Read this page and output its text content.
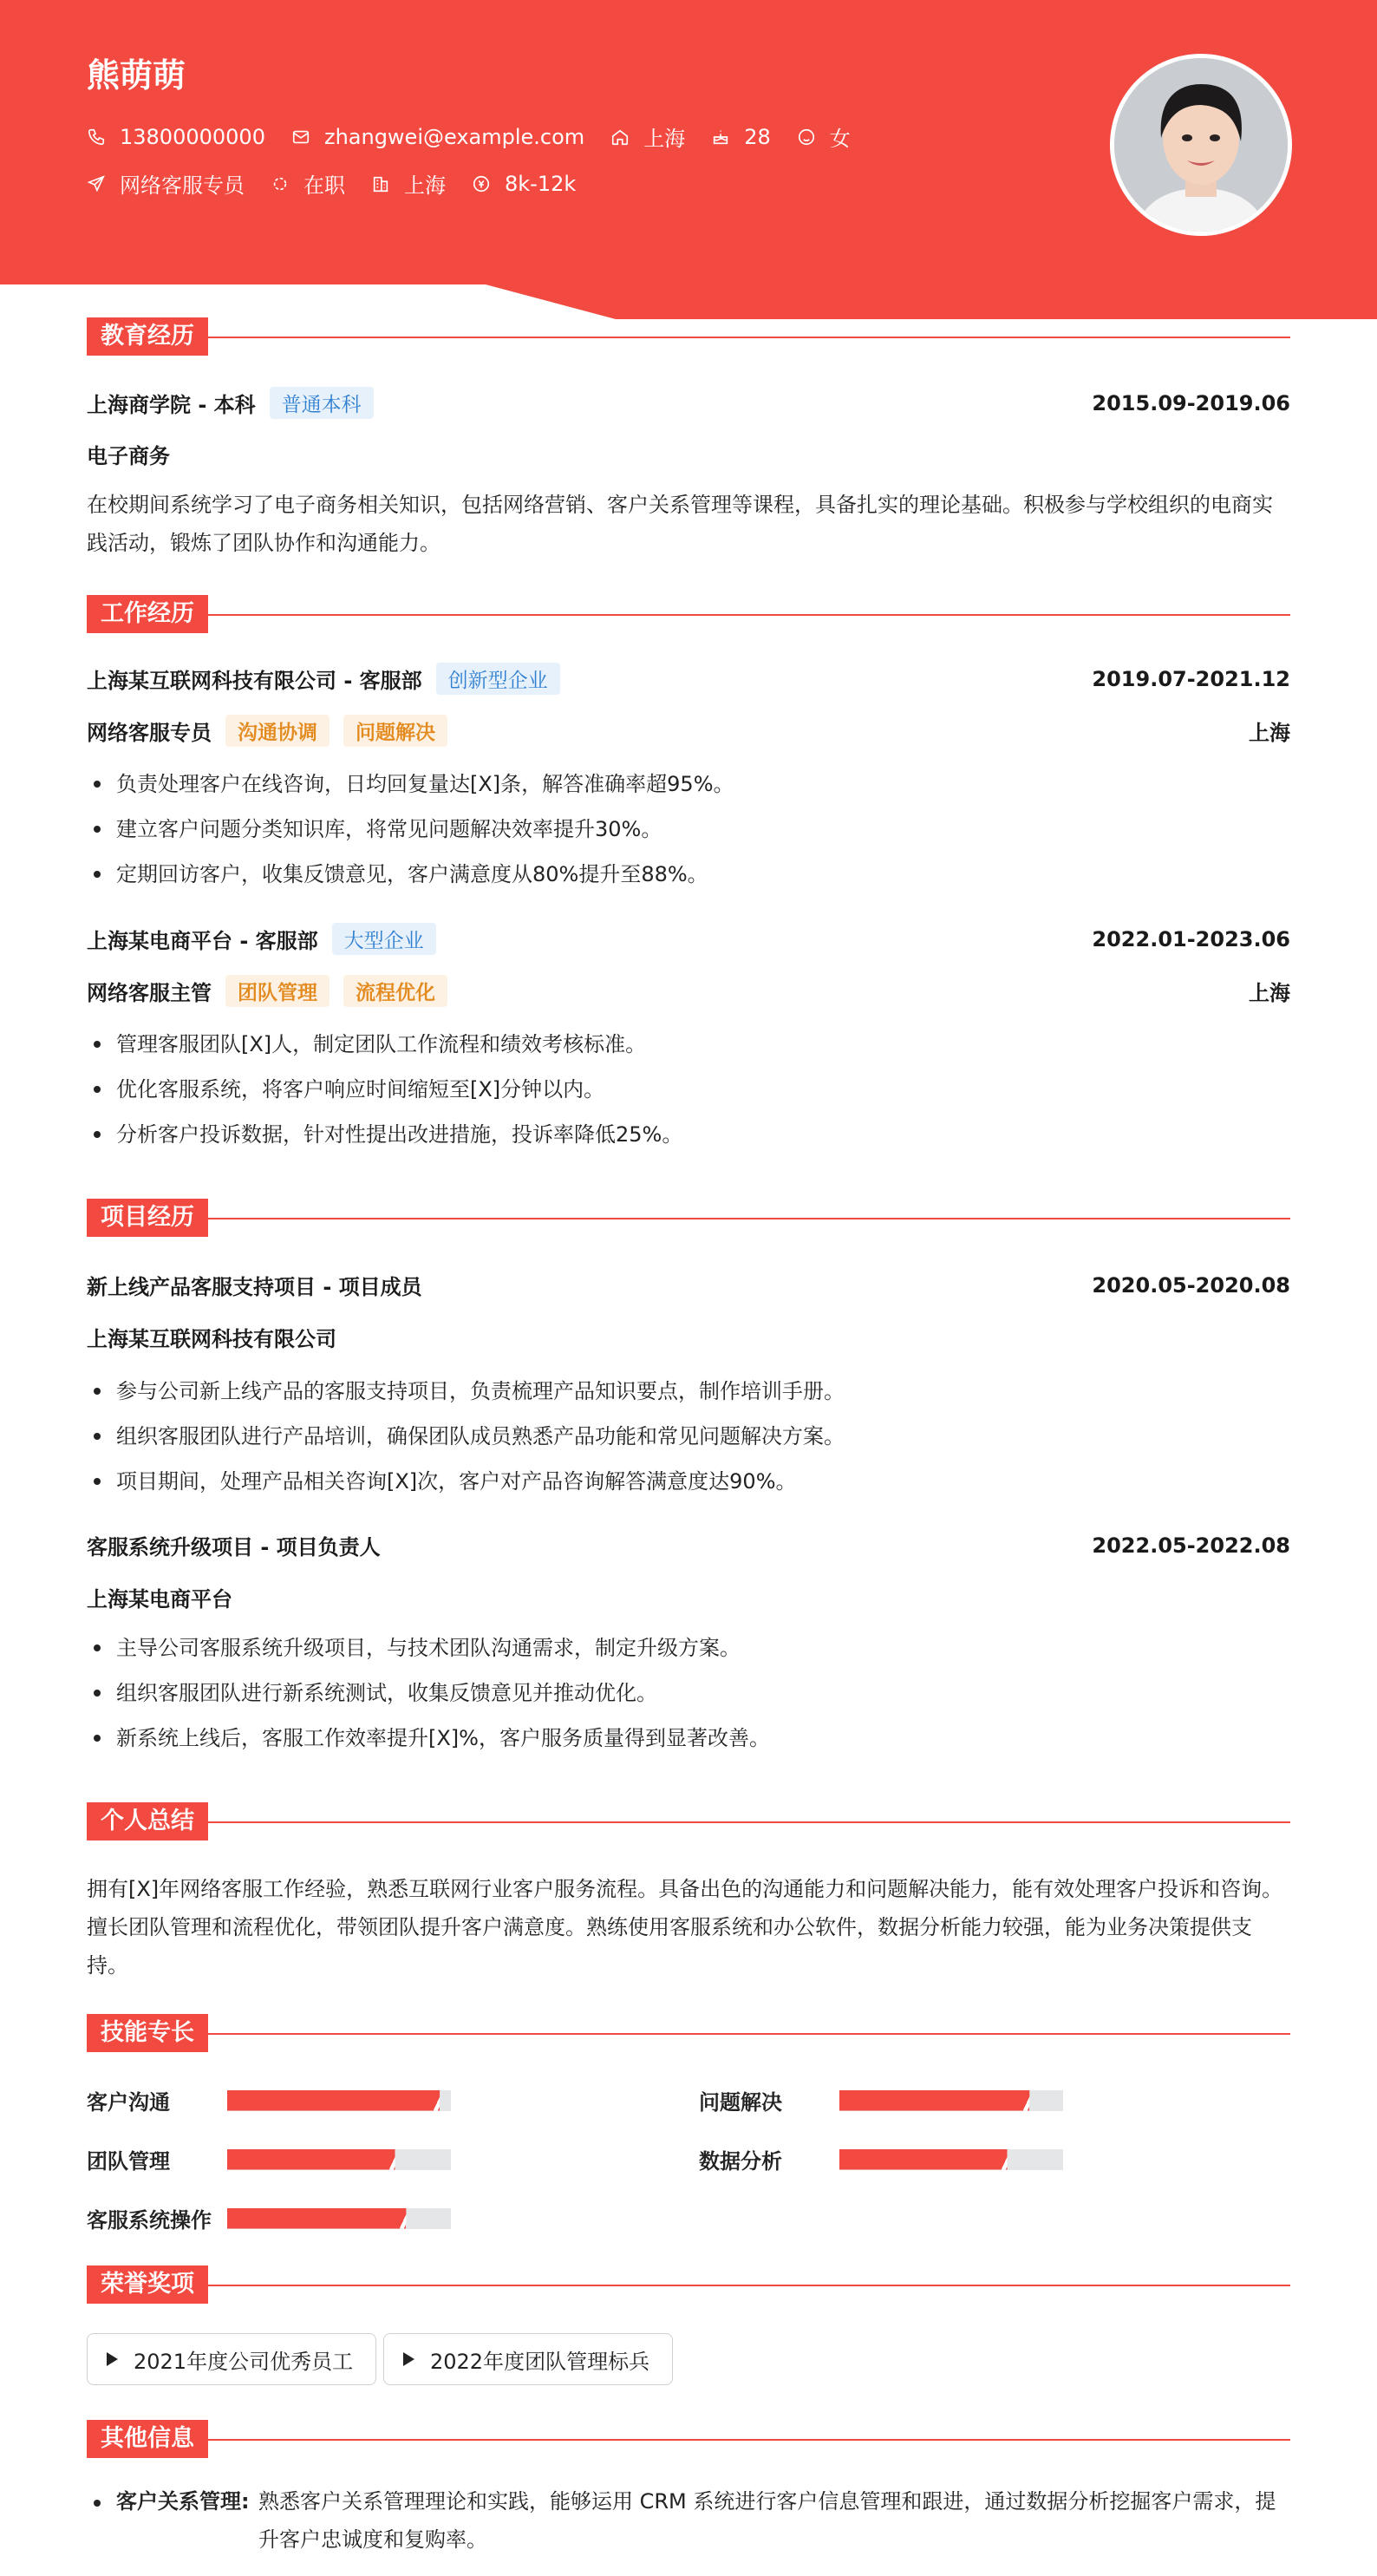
熊萌萌
13800000000	zhangwei@example.com	上海	28	女
网络客服专员	在职	上海	8k-12k
教育经历
上海商学院 - 本科	普通本科	2015.09-2019.06
电子商务
在校期间系统学习了电子商务相关知识，包括网络营销、客户关系管理等课程，具备扎实的理论基础。积极参与学校组织的电商实践活动，锻炼了团队协作和沟通能力。
工作经历
上海某互联网科技有限公司 - 客服部	创新型企业	2019.07-2021.12
网络客服专员	沟通协调	问题解决	上海
负责处理客户在线咨询，日均回复量达[X]条，解答准确率超95%。
建立客户问题分类知识库，将常见问题解决效率提升30%。
定期回访客户，收集反馈意见，客户满意度从80%提升至88%。
上海某电商平台 - 客服部	大型企业	2022.01-2023.06
网络客服主管	团队管理	流程优化	上海
管理客服团队[X]人，制定团队工作流程和绩效考核标准。
优化客服系统，将客户响应时间缩短至[X]分钟以内。
分析客户投诉数据，针对性提出改进措施，投诉率降低25%。
项目经历
新上线产品客服支持项目 - 项目成员	2020.05-2020.08
上海某互联网科技有限公司
参与公司新上线产品的客服支持项目，负责梳理产品知识要点，制作培训手册。
组织客服团队进行产品培训，确保团队成员熟悉产品功能和常见问题解决方案。
项目期间，处理产品相关咨询[X]次，客户对产品咨询解答满意度达90%。
客服系统升级项目 - 项目负责人	2022.05-2022.08
上海某电商平台
主导公司客服系统升级项目，与技术团队沟通需求，制定升级方案。
组织客服团队进行新系统测试，收集反馈意见并推动优化。
新系统上线后，客服工作效率提升[X]%，客户服务质量得到显著改善。
个人总结
拥有[X]年网络客服工作经验，熟悉互联网行业客户服务流程。具备出色的沟通能力和问题解决能力，能有效处理客户投诉和咨询。
擅长团队管理和流程优化，带领团队提升客户满意度。熟练使用客服系统和办公软件，数据分析能力较强，能为业务决策提供支
持。
技能专长
客户沟通	问题解决
团队管理	数据分析
客服系统操作
荣誉奖项
2021年度公司优秀员工	2022年度团队管理标兵
其他信息
客户关系管理: 熟悉客户关系管理理论和实践，能够运用 CRM 系统进行客户信息管理和跟进，通过数据分析挖掘客户需求，提升客户忠诚度和复购率。
